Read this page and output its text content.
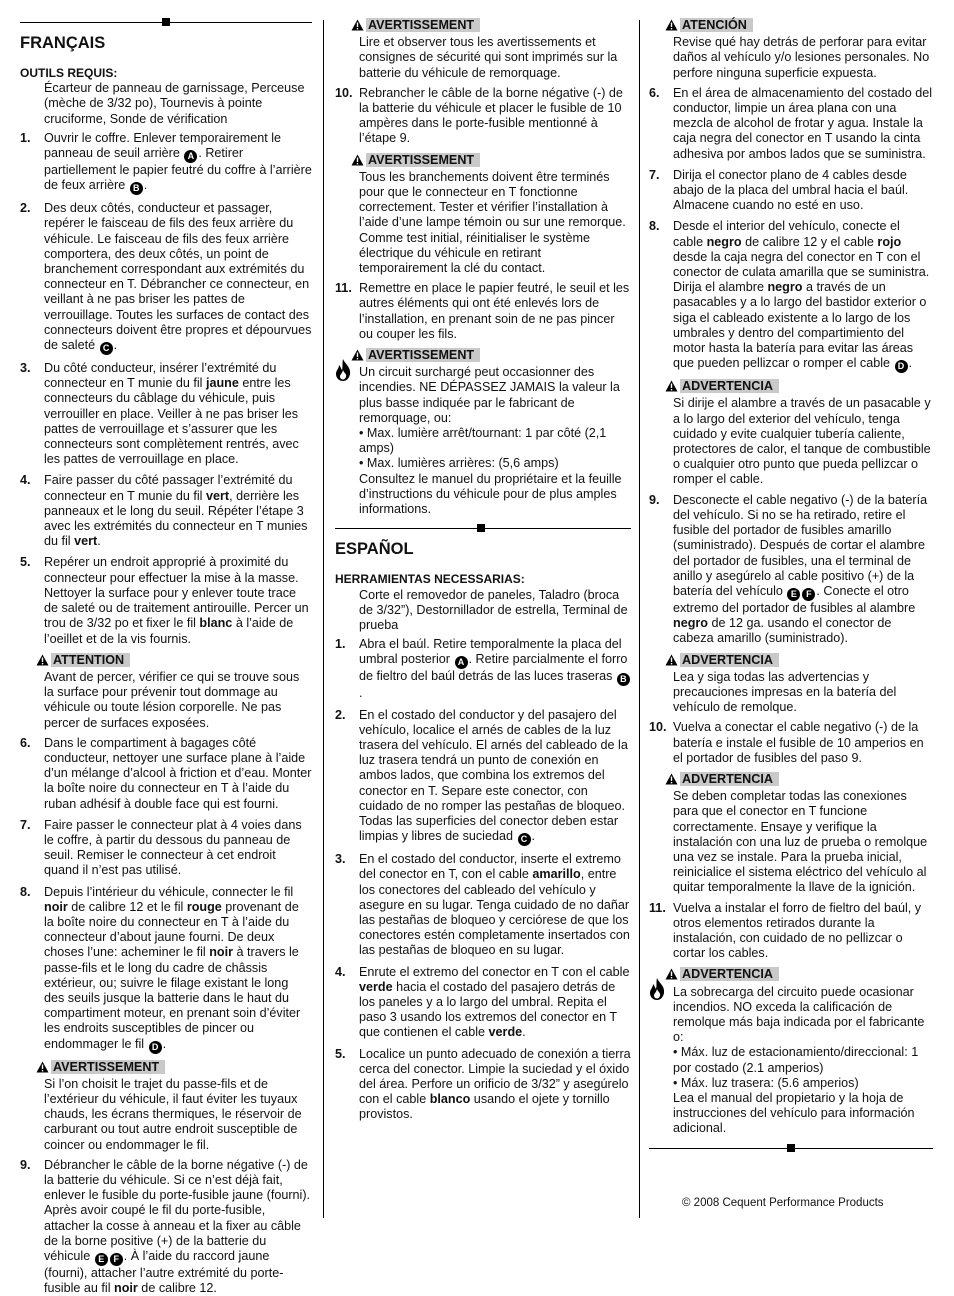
FRANÇAIS

OUTILS REQUIS:

Écarteur de panneau de garnissage, Perceuse (mèche de 3/32 po), Tournevis à pointe cruciforme, Sonde de vérification

1. Ouvrir le coffre. Enlever temporairement le panneau de seuil arrière A . Retirer partiellement le papier feutré du coffre à l’arrière de feux arrière B .
2. Des deux côtés, conducteur et passager, repérer le faisceau de fils des feux arrière du véhicule. Le faisceau de fils des feux arrière comportera, des deux côtés, un point de branchement correspondant aux extrémités du connecteur en T. Débrancher ce connecteur, en veillant à ne pas briser les pattes de verrouillage. Toutes les surfaces de contact des connecteurs doivent être propres et dépourvues de saleté C .
3. Du côté conducteur, insérer l’extrémité du connecteur en T munie du fil jaune entre les connecteurs du câblage du véhicule, puis verrouiller en place. Veiller à ne pas briser les pattes de verrouillage et s’assurer que les connecteurs sont complètement rentrés, avec les pattes de verrouillage en place.
4. Faire passer du côté passager l’extrémité du connecteur en T munie du fil vert, derrière les panneaux et le long du seuil. Répéter l’étape 3 avec les extrémités du connecteur en T munies du fil vert.
5. Repérer un endroit approprié à proximité du connecteur pour effectuer la mise à la masse. Nettoyer la surface pour y enlever toute trace de saleté ou de traitement antirouille. Percer un trou de 3/32 po et fixer le fil blanc à l’aide de l’oeillet et de la vis fournis.
ATTENTION
Avant de percer, vérifier ce qui se trouve sous la surface pour prévenir tout dommage au véhicule ou toute lésion corporelle. Ne pas percer de surfaces exposées.
6. Dans le compartiment à bagages côté conducteur, nettoyer une surface plane à l’aide d’un mélange d’alcool à friction et d’eau. Monter la boîte noire du connecteur en T à l’aide du ruban adhésif à double face qui est fourni.
7. Faire passer le connecteur plat à 4 voies dans le coffre, à partir du dessous du panneau de seuil. Remiser le connecteur à cet endroit quand il n’est pas utilisé.
8. Depuis l’intérieur du véhicule, connecter le fil noir de calibre 12 et le fil rouge provenant de la boîte noire du connecteur en T à l’aide du connecteur d’about jaune fourni. De deux choses l’une: acheminer le fil noir à travers le passe-fils et le long du cadre de châssis extérieur, ou; suivre le filage existant le long des seuils jusque la batterie dans le haut du compartiment moteur, en prenant soin d’éviter les endroits susceptibles de pincer ou endommager le fil D .
AVERTISSEMENT
Si l’on choisit le trajet du passe-fils et de l’extérieur du véhicule, il faut éviter les tuyaux chauds, les écrans thermiques, le réservoir de carburant ou tout autre endroit susceptible de coincer ou endommager le fil.
9. Débrancher le câble de la borne négative (-) de la batterie du véhicule. Si ce n’est déjà fait, enlever le fusible du porte-fusible jaune (fourni). Après avoir coupé le fil du porte-fusible, attacher la cosse à anneau et la fixer au câble de la borne positive (+) de la batterie du véhicule E F . À l’aide du raccord jaune (fourni), attacher l’autre extrémité du porte-fusible au fil noir de calibre 12.
AVERTISSEMENT
Lire et observer tous les avertissements et consignes de sécurité qui sont imprimés sur la batterie du véhicule de remorquage.
10. Rebrancher le câble de la borne négative (-) de la batterie du véhicule et placer le fusible de 10 ampères dans le porte-fusible mentionné à l’étape 9.
AVERTISSEMENT
Tous les branchements doivent être terminés pour que le connecteur en T fonctionne correctement. Tester et vérifier l’installation à l’aide d’une lampe témoin ou sur une remorque. Comme test initial, réinitialiser le système électrique du véhicule en retirant temporairement la clé du contact.
11. Remettre en place le papier feutré, le seuil et les autres éléments qui ont été enlevés lors de l’installation, en prenant soin de ne pas pincer ou couper les fils.
AVERTISSEMENT
Un circuit surchargé peut occasionner des incendies. NE DÉPASSEZ JAMAIS la valeur la plus basse indiquée par le fabricant de remorquage, ou:
• Max. lumière arrêt/tournant: 1 par côté (2,1 amps)
• Max. lumières arrières: (5,6 amps)
Consultez le manuel du propriétaire et la feuille d’instructions du véhicule pour de plus amples informations.
ESPAÑOL

HERRAMIENTAS NECESSARIAS:

Corte el removedor de paneles, Taladro (broca de 3/32”), Destornillador de estrella, Terminal de prueba

1. Abra el baúl. Retire temporalmente la placa del umbral posterior A . Retire parcialmente el forro de fieltro del baúl detrás de las luces traseras B.
2. En el costado del conductor y del pasajero del vehículo, localice el arnés de cables de la luz trasera del vehículo. El arnés del cableado de la luz trasera tendrá un punto de conexión en ambos lados, que combina los extremos del conector en T. Separe este conector, con cuidado de no romper las pestañas de bloqueo. Todas las superficies del conector deben estar limpias y libres de suciedad C .
3. En el costado del conductor, inserte el extremo del conector en T, con el cable amarillo, entre los conectores del cableado del vehículo y asegure en su lugar. Tenga cuidado de no dañar las pestañas de bloqueo y cerciórese de que los conectores estén completamente insertados con las pestañas de bloqueo en su lugar.
4. Enrute el extremo del conector en T con el cable verde hacia el costado del pasajero detrás de los paneles y a lo largo del umbral. Repita el paso 3 usando los extremos del conector en T que contienen el cable verde.
5. Localice un punto adecuado de conexión a tierra cerca del conector. Limpie la suciedad y el óxido del área. Perfore un orificio de 3/32” y asegúrelo con el cable blanco usando el ojete y tornillo provistos.
ATENCIÓN
Revise qué hay detrás de perforar para evitar daños al vehículo y/o lesiones personales. No perfore ninguna superficie expuesta.
6. En el área de almacenamiento del costado del conductor, limpie un área plana con una mezcla de alcohol de frotar y agua. Instale la caja negra del conector en T usando la cinta adhesiva por ambos lados que se suministra.
7. Dirija el conector plano de 4 cables desde abajo de la placa del umbral hacia el baúl. Almacene cuando no esté en uso.
8. Desde el interior del vehículo, conecte el cable negro de calibre 12 y el cable rojo desde la caja negra del conector en T con el conector de culata amarilla que se suministra. Dirija el alambre negro a través de un pasacables y a lo largo del bastidor exterior o siga el cableado existente a lo largo de los umbrales y dentro del compartimiento del motor hasta la batería para evitar las áreas que pueden pellizcar o romper el cable D .
ADVERTENCIA
Si dirije el alambre a través de un pasacable y a lo largo del exterior del vehículo, tenga cuidado y evite cualquier tubería caliente, protectores de calor, el tanque de combustible o cualquier otro punto que pueda pellizcar o romper el cable.
9. Desconecte el cable negativo (-) de la batería del vehículo. Si no se ha retirado, retire el fusible del portador de fusibles amarillo (suministrado). Después de cortar el alambre del portador de fusibles, una el terminal de anillo y asegúrelo al cable positivo (+) de la batería del vehículo E F . Conecte el otro extremo del portador de fusibles al alambre negro de 12 ga. usando el conector de cabeza amarillo (suministrado).
ADVERTENCIA
Lea y siga todas las advertencias y precauciones impresas en la batería del vehículo de remolque.
10. Vuelva a conectar el cable negativo (-) de la batería e instale el fusible de 10 amperios en el portador de fusibles del paso 9.
ADVERTENCIA
Se deben completar todas las conexiones para que el conector en T funcione correctamente. Ensaye y verifique la instalación con una luz de prueba o remolque una vez se instale. Para la prueba inicial, reinicialice el sistema eléctrico del vehículo al quitar temporalmente la llave de la ignición.
11. Vuelva a instalar el forro de fieltro del baúl, y otros elementos retirados durante la instalación, con cuidado de no pellizcar o cortar los cables.
ADVERTENCIA
La sobrecarga del circuito puede ocasionar incendios. NO exceda la calificación de remolque más baja indicada por el fabricante o:
• Máx. luz de estacionamiento/direccional: 1 por costado (2.1 amperios)
• Máx. luz trasera: (5.6 amperios)
Lea el manual del propietario y la hoja de instrucciones del vehículo para información adicional.
© 2008 Cequent Performance Products
